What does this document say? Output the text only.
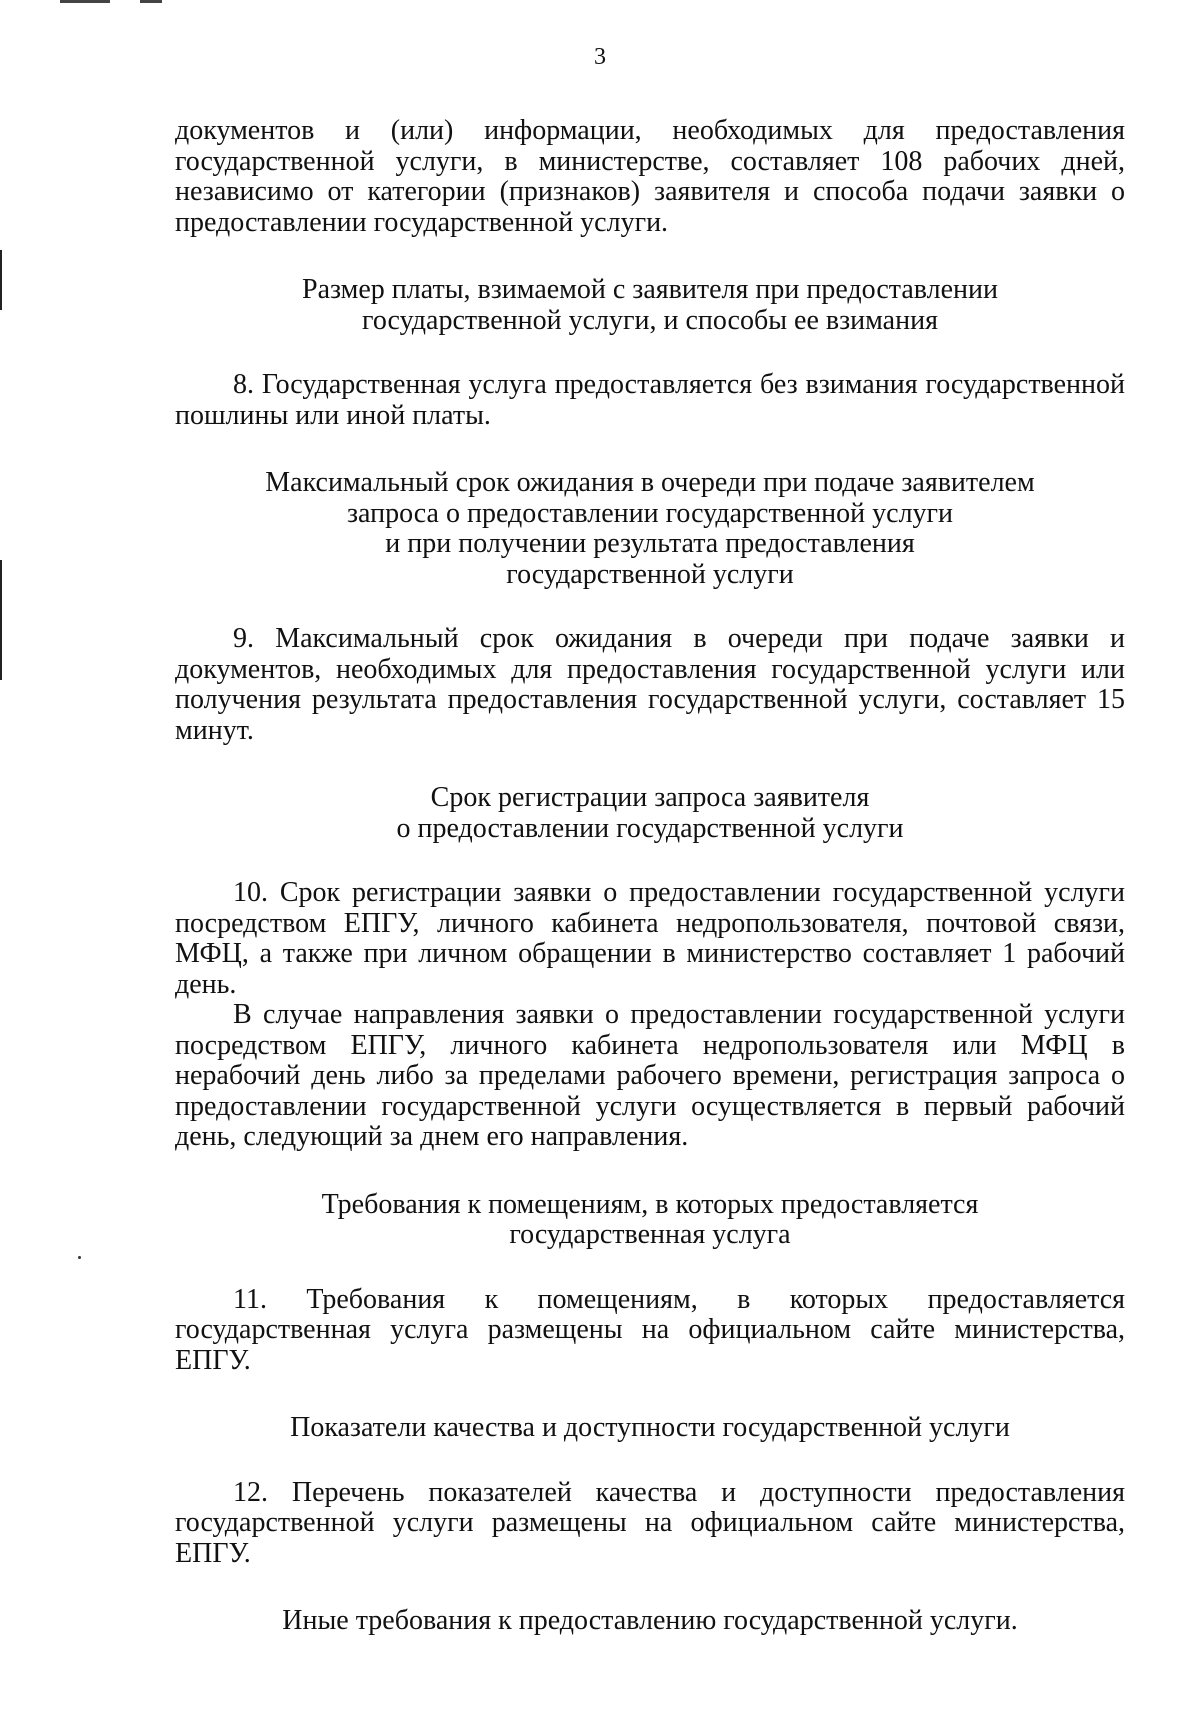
3

документов и (или) информации, необходимых для предоставления государственной услуги, в министерстве, составляет 108 рабочих дней, независимо от категории (признаков) заявителя и способа подачи заявки о предоставлении государственной услуги.

Размер платы, взимаемой с заявителя при предоставлении
государственной услуги, и способы ее взимания

8. Государственная услуга предоставляется без взимания государственной пошлины или иной платы.

Максимальный срок ожидания в очереди при подаче заявителем
запроса о предоставлении государственной услуги
и при получении результата предоставления
государственной услуги

9. Максимальный срок ожидания в очереди при подаче заявки и документов, необходимых для предоставления государственной услуги или получения результата предоставления государственной услуги, составляет 15 минут.

Срок регистрации запроса заявителя
о предоставлении государственной услуги

10. Срок регистрации заявки о предоставлении государственной услуги посредством ЕПГУ, личного кабинета недропользователя, почтовой связи, МФЦ, а также при личном обращении в министерство составляет 1 рабочий день.

В случае направления заявки о предоставлении государственной услуги посредством ЕПГУ, личного кабинета недропользователя или МФЦ в нерабочий день либо за пределами рабочего времени, регистрация запроса о предоставлении государственной услуги осуществляется в первый рабочий день, следующий за днем его направления.

Требования к помещениям, в которых предоставляется
государственная услуга

11. Требования к помещениям, в которых предоставляется государственная услуга размещены на официальном сайте министерства, ЕПГУ.

Показатели качества и доступности государственной услуги

12. Перечень показателей качества и доступности предоставления государственной услуги размещены на официальном сайте министерства, ЕПГУ.

Иные требования к предоставлению государственной услуги.
